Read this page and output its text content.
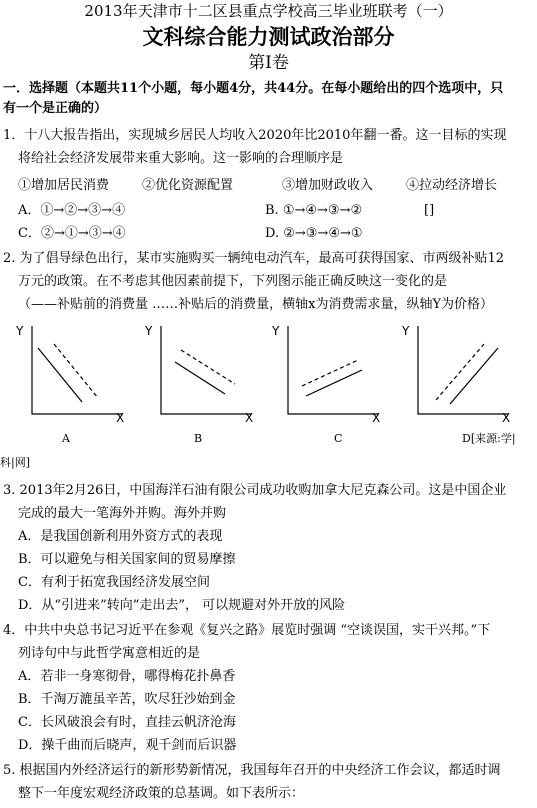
2013年天津市十二区县重点学校高三毕业班联考（一）
文科综合能力测试政治部分
第Ⅰ卷
一．选择题（本题共11个小题，每小题4分，共44分。在每小题给出的四个选项中，只
有一个是正确的）
1．十八大报告指出，实现城乡居民人均收入2020年比2010年翻一番。这一目标的实现
将给社会经济发展带来重大影响。这一影响的合理顺序是
①增加居民消费	②优化资源配置	③增加财政收入	④拉动经济增长
A．①→②→③→④	B. ①→④→③→②	[]
C．②→①→③→④	D. ②→③→④→①
2. 为了倡导绿色出行，某市实施购买一辆纯电动汽车，最高可获得国家、市两级补贴12
万元的政策。在不考虑其他因素前提下，下列图示能正确反映这一变化的是
（——补贴前的消费量 ……补贴后的消费量，横轴x为消费需求量，纵轴Y为价格）
Y
X
Y
X
Y
X
Y
X
A	B	C	D[来源:学|
科|网]
3. 2013年2月26日，中国海洋石油有限公司成功收购加拿大尼克森公司。这是中国企业
完成的最大一笔海外并购。海外并购
A．是我国创新利用外资方式的表现
B．可以避免与相关国家间的贸易摩擦
C．有利于拓宽我国经济发展空间
D．从“引进来”转向“走出去”， 可以规避对外开放的风险
4．中共中央总书记习近平在参观《复兴之路》展览时强调 “空谈误国，实干兴邦。”下
列诗句中与此哲学寓意相近的是
A．若非一身寒彻骨，哪得梅花扑鼻香
B．千淘万漉虽辛苦，吹尽狂沙始到金
C．长风破浪会有时，直挂云帆济沧海
D．操千曲而后晓声，观千剑而后识器
5. 根据国内外经济运行的新形势新情况，我国每年召开的中央经济工作会议，都适时调
整下一年度宏观经济政策的总基调。如下表所示：
